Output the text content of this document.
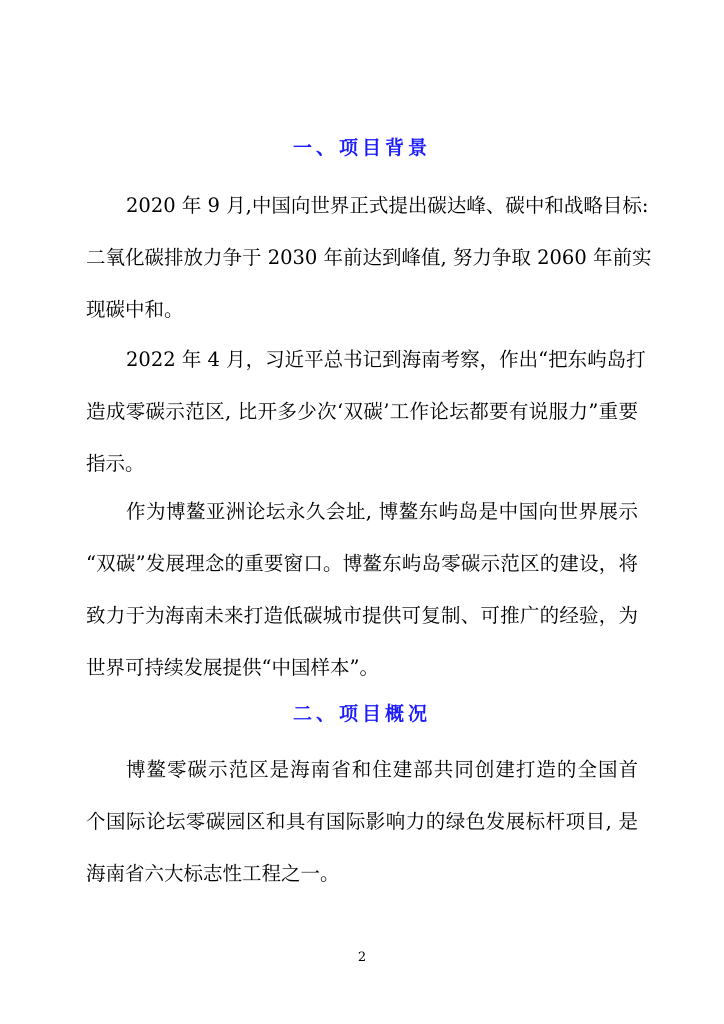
一、项目背景
2020 年 9 月,中国向世界正式提出碳达峰、碳中和战略目标:
二氧化碳排放力争于 2030 年前达到峰值, 努力争取 2060 年前实
现碳中和。
2022 年 4 月，习近平总书记到海南考察，作出“把东屿岛打
造成零碳示范区, 比开多少次‘双碳’工作论坛都要有说服力”重要
指示。
作为博鳌亚洲论坛永久会址, 博鳌东屿岛是中国向世界展示
“双碳”发展理念的重要窗口。博鳌东屿岛零碳示范区的建设，将
致力于为海南未来打造低碳城市提供可复制、可推广的经验，为
世界可持续发展提供“中国样本”。
二、项目概况
博鳌零碳示范区是海南省和住建部共同创建打造的全国首
个国际论坛零碳园区和具有国际影响力的绿色发展标杆项目, 是
海南省六大标志性工程之一。
2
